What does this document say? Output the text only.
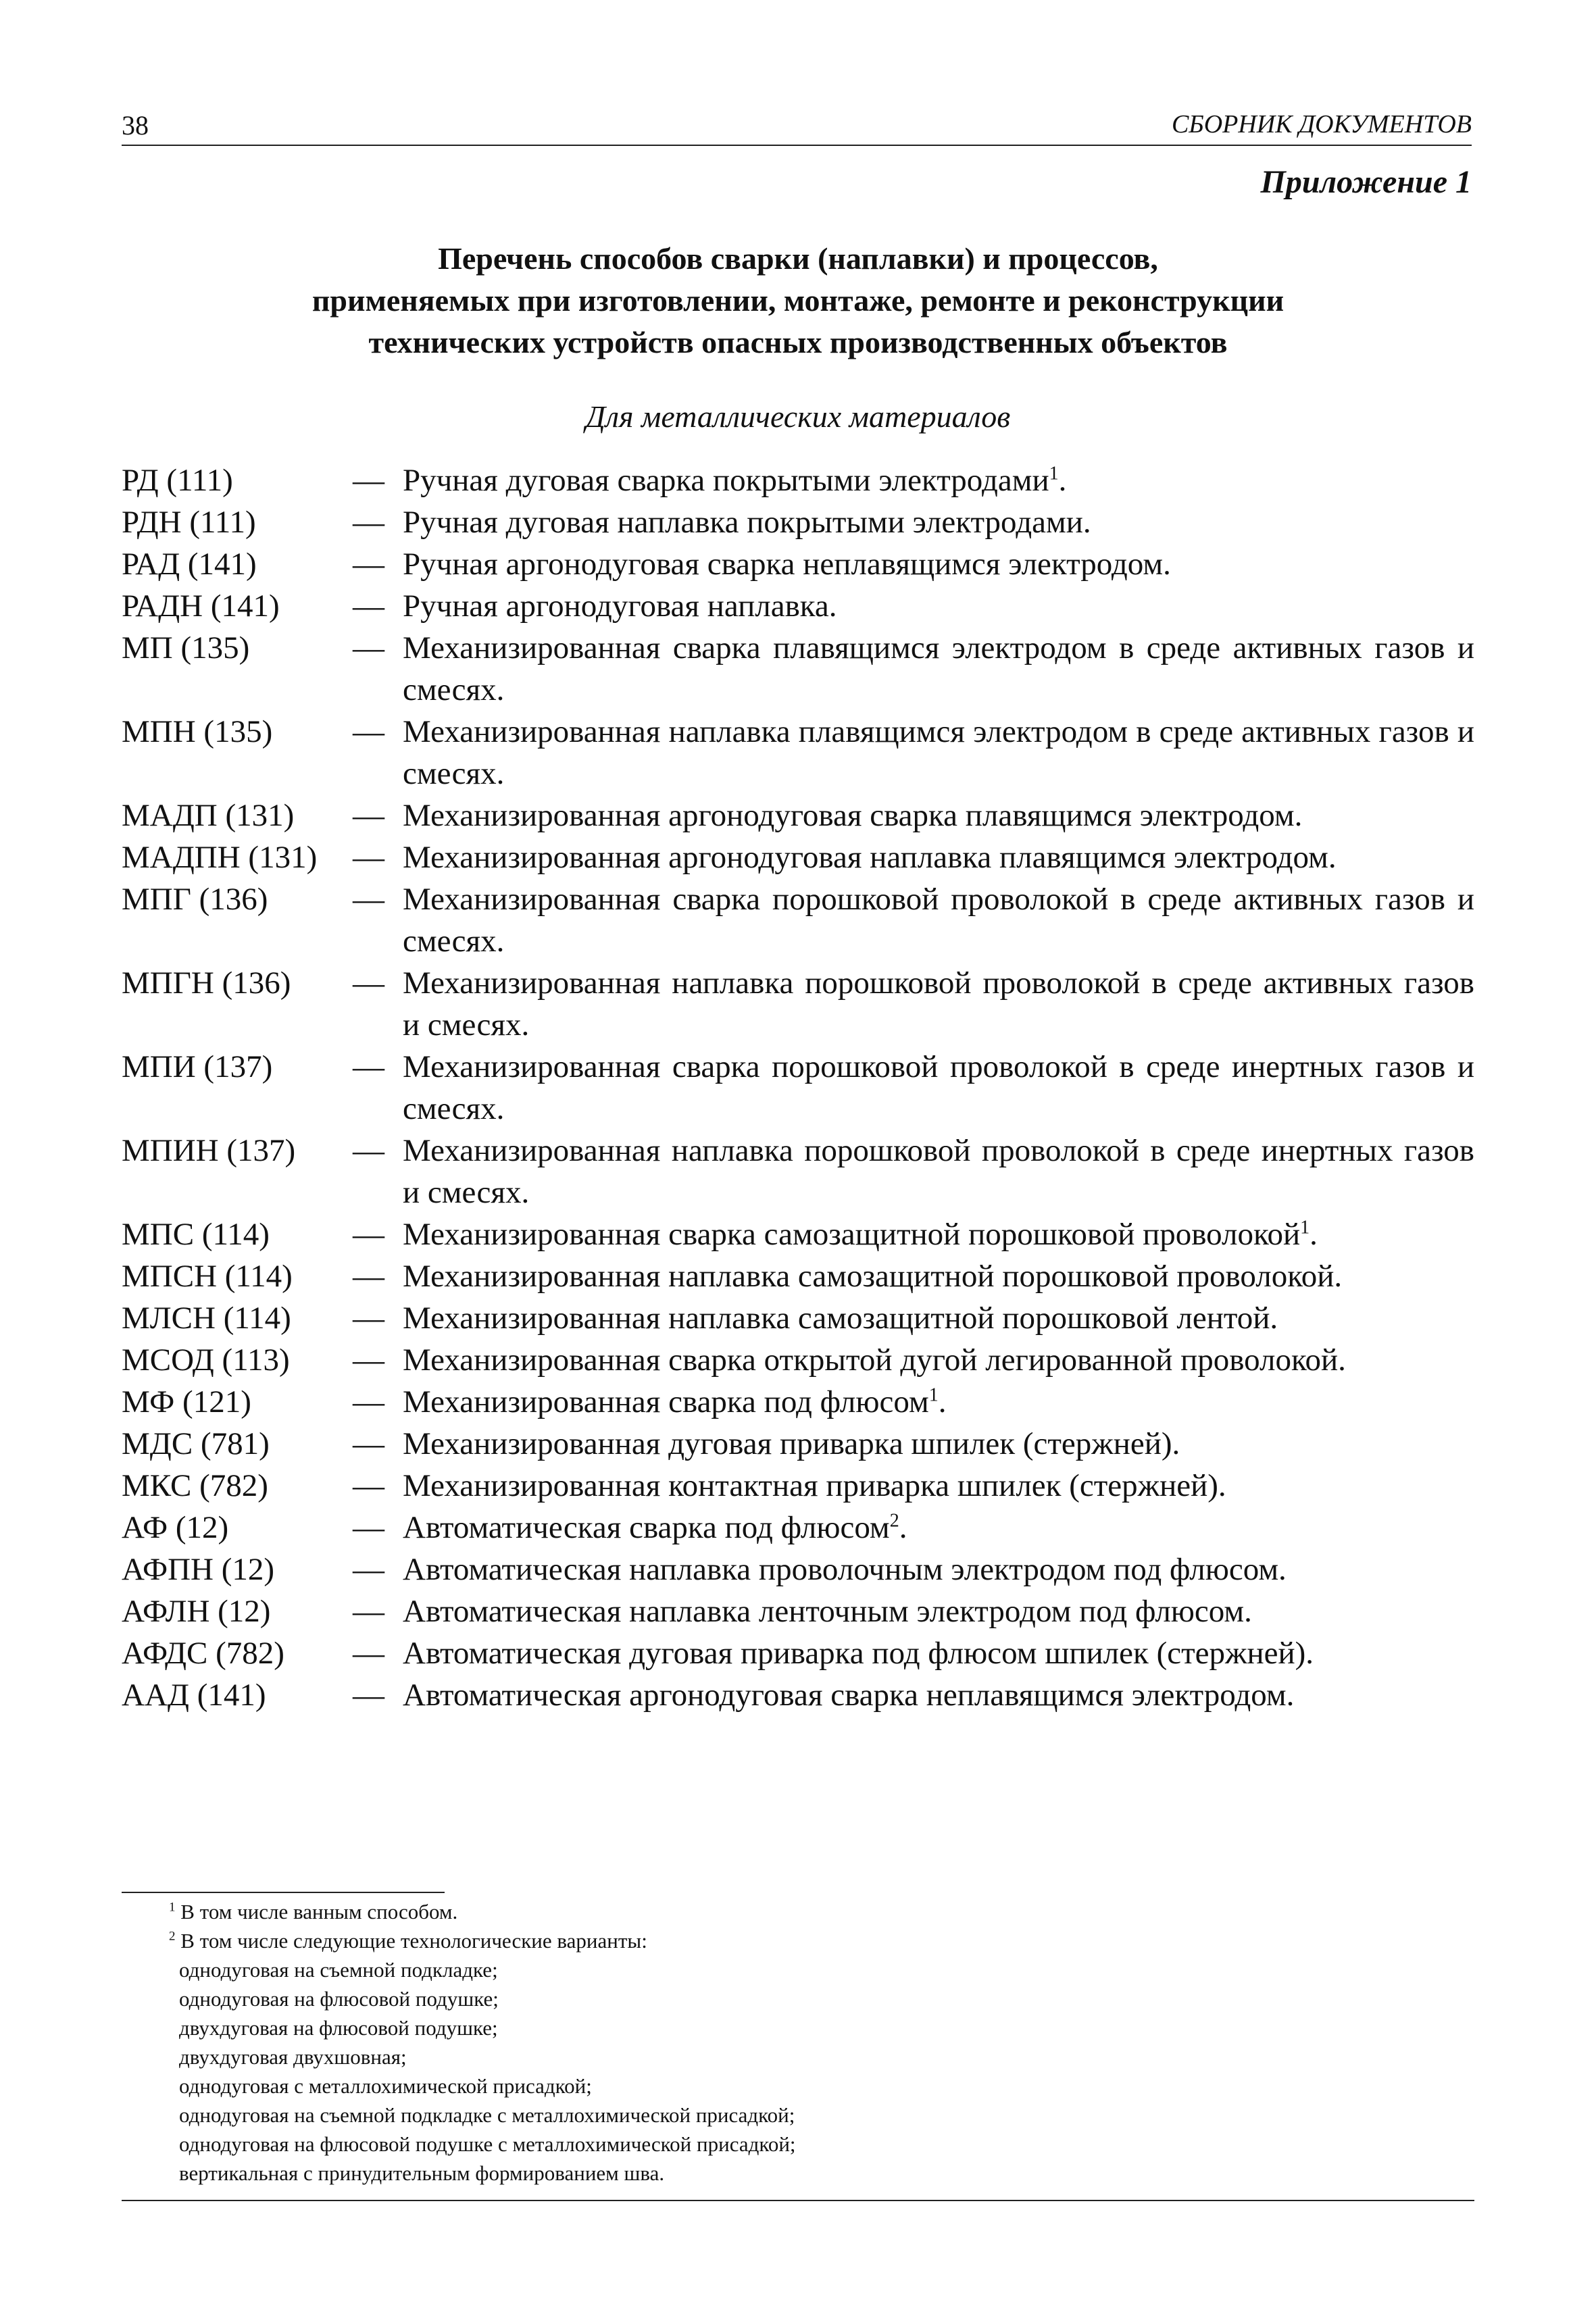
38	СБОРНИК ДОКУМЕНТОВ
Приложение 1
Перечень способов сварки (наплавки) и процессов,
применяемых при изготовлении, монтаже, ремонте и реконструкции
технических устройств опасных производственных объектов
Для металлических материалов
РД (111)	— Ручная дуговая сварка покрытыми электродами$^1$.
РДН (111)	— Ручная дуговая наплавка покрытыми электродами.
РАД (141)	— Ручная аргонодуговая сварка неплавящимся электродом.
РАДН (141)	— Ручная аргонодуговая наплавка.
МП (135)	— Механизированная сварка плавящимся электродом в среде активных газов и смесях.
МПН (135)	— Механизированная наплавка плавящимся электродом в среде активных газов и смесях.
МАДП (131)	— Механизированная аргонодуговая сварка плавящимся электродом.
МАДПН (131)	— Механизированная аргонодуговая наплавка плавящимся электродом.
МПГ (136)	— Механизированная сварка порошковой проволокой в среде активных газов и смесях.
МПГН (136)	— Механизированная наплавка порошковой проволокой в среде активных газов и смесях.
МПИ (137)	— Механизированная сварка порошковой проволокой в среде инертных газов и смесях.
МПИН (137)	— Механизированная наплавка порошковой проволокой в среде инертных газов и смесях.
МПС (114)	— Механизированная сварка самозащитной порошковой проволокой$^1$.
МПСН (114)	— Механизированная наплавка самозащитной порошковой проволокой.
МЛСН (114)	— Механизированная наплавка самозащитной порошковой лентой.
МСОД (113)	— Механизированная сварка открытой дугой легированной проволокой.
МФ (121)	— Механизированная сварка под флюсом$^1$.
МДС (781)	— Механизированная дуговая приварка шпилек (стержней).
МКС (782)	— Механизированная контактная приварка шпилек (стержней).
АФ (12)	— Автоматическая сварка под флюсом$^2$.
АФПН (12)	— Автоматическая наплавка проволочным электродом под флюсом.
АФЛН (12)	— Автоматическая наплавка ленточным электродом под флюсом.
АФДС (782)	— Автоматическая дуговая приварка под флюсом шпилек (стержней).
ААД (141)	— Автоматическая аргонодуговая сварка неплавящимся электродом.
$^1$ В том числе ванным способом.
$^2$ В том числе следующие технологические варианты:
однодуговая на съемной подкладке;
однодуговая на флюсовой подушке;
двухдуговая на флюсовой подушке;
двухдуговая двухшовная;
однодуговая с металлохимической присадкой;
однодуговая на съемной подкладке с металлохимической присадкой;
однодуговая на флюсовой подушке с металлохимической присадкой;
вертикальная с принудительным формированием шва.
